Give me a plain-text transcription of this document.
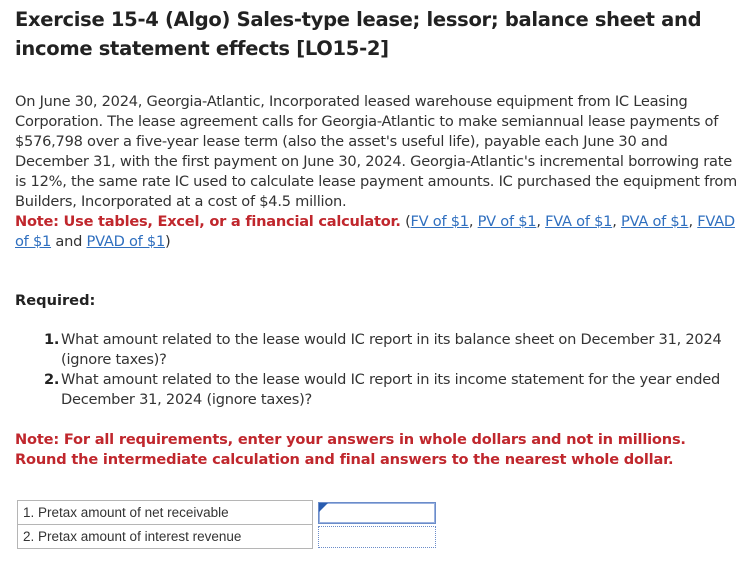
Exercise 15-4 (Algo) Sales-type lease; lessor; balance sheet and income statement effects [LO15-2]
On June 30, 2024, Georgia-Atlantic, Incorporated leased warehouse equipment from IC Leasing Corporation. The lease agreement calls for Georgia-Atlantic to make semiannual lease payments of $576,798 over a five-year lease term (also the asset's useful life), payable each June 30 and December 31, with the first payment on June 30, 2024. Georgia-Atlantic's incremental borrowing rate is 12%, the same rate IC used to calculate lease payment amounts. IC purchased the equipment from Builders, Incorporated at a cost of $4.5 million.
Note: Use tables, Excel, or a financial calculator. (FV of $1, PV of $1, FVA of $1, PVA of $1, FVAD of $1 and PVAD of $1)
Required:
1. What amount related to the lease would IC report in its balance sheet on December 31, 2024 (ignore taxes)?
2. What amount related to the lease would IC report in its income statement for the year ended December 31, 2024 (ignore taxes)?
Note: For all requirements, enter your answers in whole dollars and not in millions. Round the intermediate calculation and final answers to the nearest whole dollar.
1. Pretax amount of net receivable		

2. Pretax amount of interest revenue		
